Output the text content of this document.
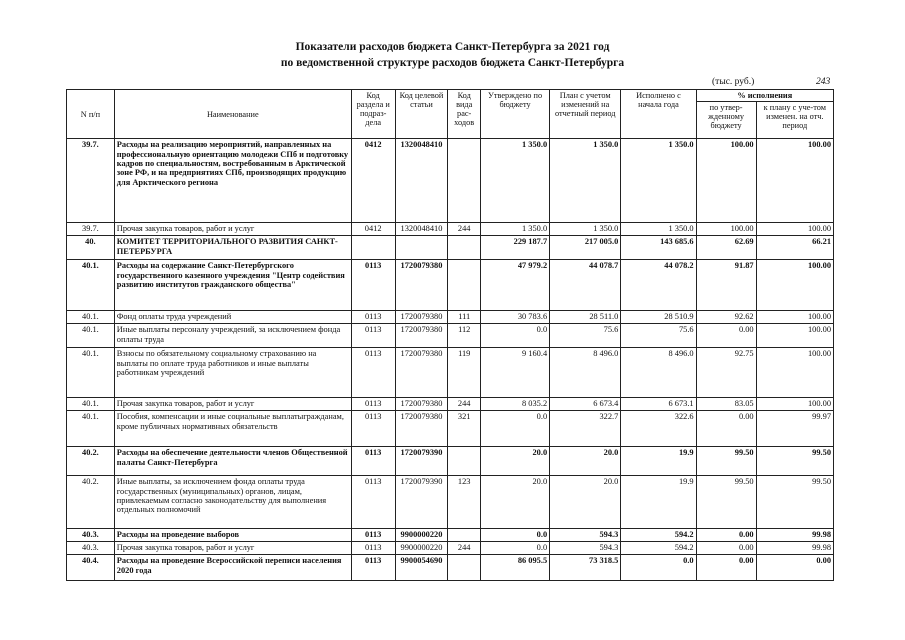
Показатели расходов бюджета Санкт-Петербурга за 2021 год
по ведомственной структуре расходов бюджета Санкт-Петербурга
(тыс. руб.)	243
N п/п	Наименование	Код раздела и подраз-дела	Код целевой статьи	Код вида рас-ходов	Утверждено по бюджету	План с учетом изменений на отчетный период	Исполнено с начала года	% исполнения	
								по утвер-жденному бюджету	к плану с уче-том изменен. на отч. период
39.7.	Расходы на реализацию мероприятий, направленных на профессиональную ориентацию молодежи СПб и подготовку кадров по специальностям, востребованным в Арктической зоне РФ, и на предприятиях СПб, производящих продукцию для Арктического региона	0412	1320048410		1 350.0	1 350.0	1 350.0	100.00	100.00
39.7.	Прочая закупка товаров, работ и услуг	0412	1320048410	244	1 350.0	1 350.0	1 350.0	100.00	100.00
40.	КОМИТЕТ ТЕРРИТОРИАЛЬНОГО РАЗВИТИЯ САНКТ-ПЕТЕРБУРГА				229 187.7	217 005.0	143 685.6	62.69	66.21
40.1.	Расходы на содержание Санкт-Петербургского государственного казенного учреждения "Центр содействия развитию институтов гражданского общества"	0113	1720079380		47 979.2	44 078.7	44 078.2	91.87	100.00
40.1.	Фонд оплаты труда учреждений	0113	1720079380	111	30 783.6	28 511.0	28 510.9	92.62	100.00
40.1.	Иные выплаты персоналу учреждений, за исключением фонда оплаты труда	0113	1720079380	112	0.0	75.6	75.6	0.00	100.00
40.1.	Взносы по обязательному социальному страхованию на выплаты по оплате труда работников и иные выплаты работникам учреждений	0113	1720079380	119	9 160.4	8 496.0	8 496.0	92.75	100.00
40.1.	Прочая закупка товаров, работ и услуг	0113	1720079380	244	8 035.2	6 673.4	6 673.1	83.05	100.00
40.1.	Пособия, компенсации и иные социальные выплатыгражданам, кроме публичных нормативных обязательств	0113	1720079380	321	0.0	322.7	322.6	0.00	99.97
40.2.	Расходы на обеспечение деятельности членов Общественной палаты Санкт-Петербурга	0113	1720079390		20.0	20.0	19.9	99.50	99.50
40.2.	Иные выплаты, за исключением фонда оплаты труда государственных (муниципальных) органов, лицам, привлекаемым согласно законодательству для выполнения отдельных полномочий	0113	1720079390	123	20.0	20.0	19.9	99.50	99.50
40.3.	Расходы на проведение выборов	0113	9900000220		0.0	594.3	594.2	0.00	99.98
40.3.	Прочая закупка товаров, работ и услуг	0113	9900000220	244	0.0	594.3	594.2	0.00	99.98
40.4.	Расходы на проведение Всероссийской переписи населения 2020 года	0113	9900054690		86 095.5	73 318.5	0.0	0.00	0.00
